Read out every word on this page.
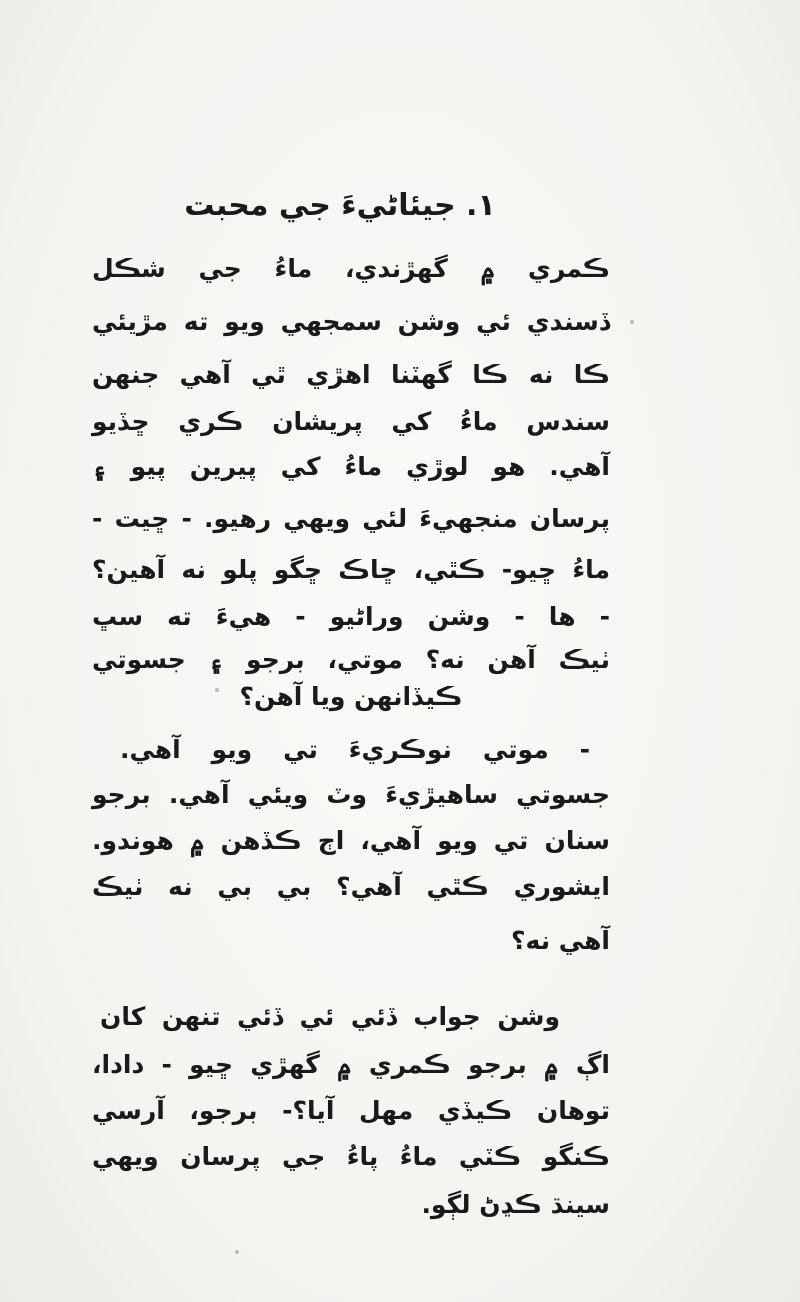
١. جيئاڻيءَ جي محبت
ڪمري ۾ گهڙندي، ماءُ جي شڪل
ڏسندي ئي وشن سمجهي ويو ته مڙيئي
ڪا نه ڪا گهٽنا اهڙي ٿي آهي جنهن
سندس ماءُ کي پريشان ڪري ڇڏيو
آهي. هو لوڙي ماءُ کي پيرين پيو ۽
پرسان منجهيءَ لئي ويهي رهيو. - ڇيت -
ماءُ ڇيو- ڪٿي، ڇاڪ ڇگو پلو نه آهين؟
- ها - وشن وراڻيو - هيءَ ته سڀ
ٺيڪ آهن نه؟ موتي، برجو ۽ جسوتي
ڪيڏانهن ويا آهن؟
- موتي نوڪريءَ تي ويو آهي.
جسوتي ساهيڙيءَ وٽ ويئي آهي. برجو
سنان تي ويو آهي، اڄ ڪڏهن ۾ هوندو.
ايشوري ڪٿي آهي؟ بي بي نه ٺيڪ
آهي نه؟
وشن جواب ڏئي ئي ڏئي تنهن کان
اڳ ۾ برجو ڪمري ۾ گهڙي ڇيو - دادا،
توهان ڪيڏي مهل آيا؟- برجو، آرسي
ڪنگو ڪٽي ماءُ پاءُ جي پرسان ويهي
سينڌ ڪڍڻ لڳو.
